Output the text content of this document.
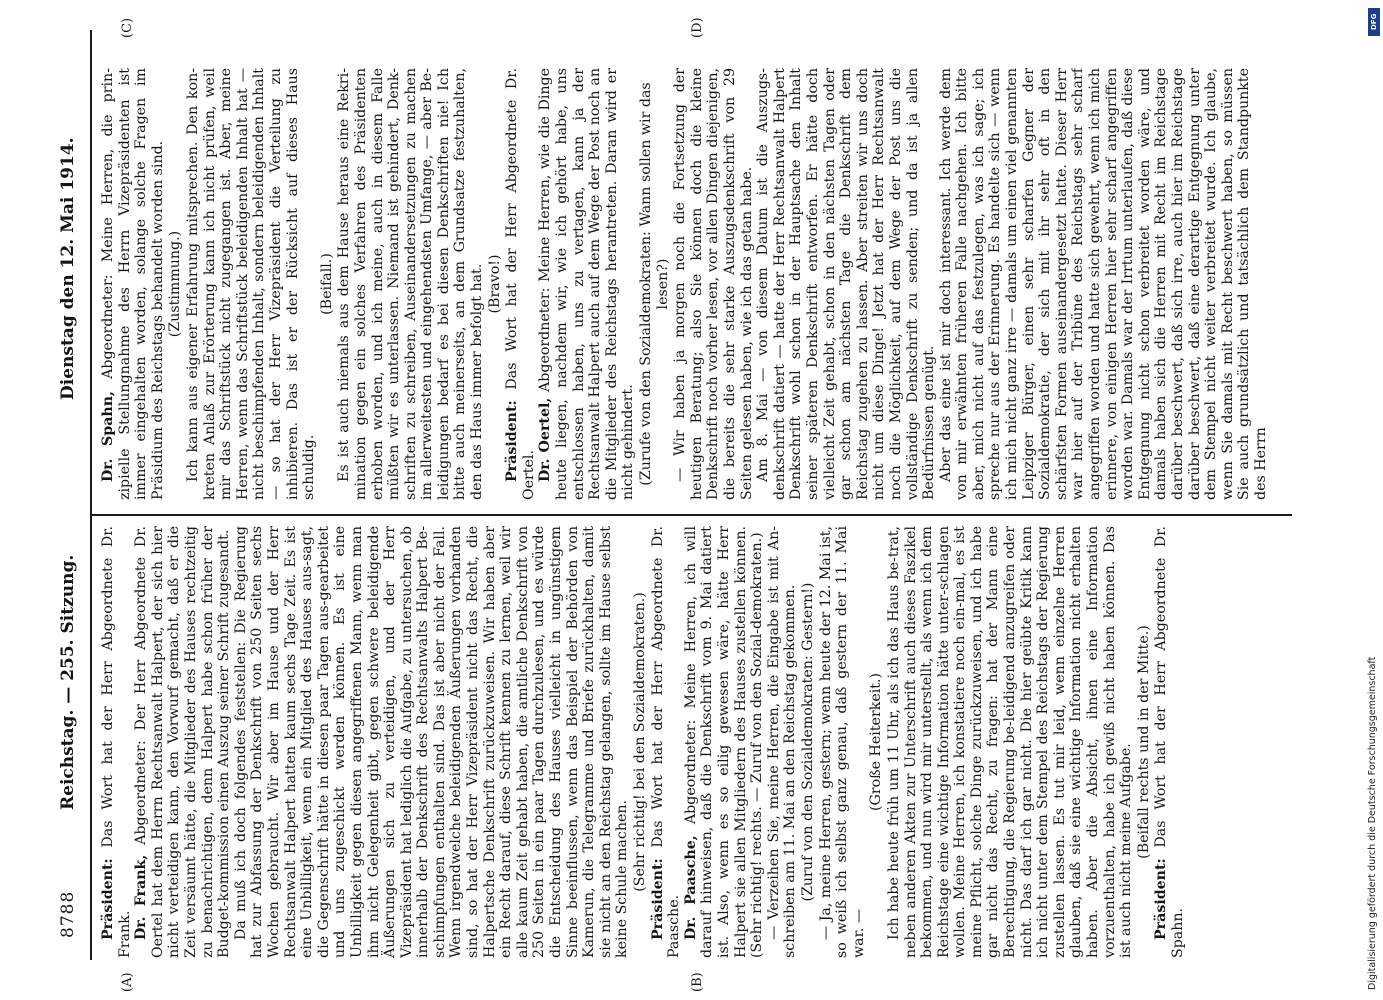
8788
Reichstag. — 255. Sitzung.
Dienstag den 12. Mai 1914.
(A)	(B)
(C)	(D)

Präsident: Das Wort hat der Herr Abgeordnete Dr. Frank. Dr. Frank, Abgeordneter: Der Herr Abgeordnete Dr. Oertel hat dem Herrn Rechtsanwalt Halpert, der sich hier nicht verteidigen kann, den Vorwurf gemacht, daß er die Zeit versäumt hätte, die Mitglieder des Hauses rechtzeitig zu benachrichtigen, denn Halpert habe schon früher der Budget-kommission einen Auszug seiner Schrift zugesandt. Da muß ich doch folgendes feststellen: Die Regierung hat zur Abfassung der Denkschrift von 250 Seiten sechs Wochen gebraucht. Wir aber im Hause und der Herr Rechtsanwalt Halpert hatten kaum sechs Tage Zeit. Es ist eine Unbilligkeit, wenn ein Mitglied des Hauses aus-sagt, die Gegenschrift hätte in diesen paar Tagen aus-gearbeitet und uns zugeschickt werden können. Es ist eine Unbilligkeit gegen diesen angegriffenen Mann, wenn man ihm nicht Gelegenheit gibt, gegen schwere beleidigende Äußerungen sich zu verteidigen, und der Herr Vizepräsident hat lediglich die Aufgabe, zu untersuchen, ob innerhalb der Denkschrift des Rechtsanwalts Halpert Be-schimpfungen enthalten sind. Das ist aber nicht der Fall. Wenn irgendwelche beleidigenden Äußerungen vorhanden sind, so hat der Herr Vizepräsident nicht das Recht, die Halpertsche Denkschrift zurückzuweisen. Wir haben aber ein Recht darauf, diese Schrift kennen zu lernen, weil wir alle kaum Zeit gehabt haben, die amtliche Denkschrift von 250 Seiten in ein paar Tagen durchzulesen, und es würde die Entscheidung des Hauses vielleicht in ungünstigem Sinne beeinflussen, wenn das Beispiel der Behörden von Kamerun, die Telegramme und Briefe zurückhalten, damit sie nicht an den Reichstag gelangen, sollte im Hause selbst keine Schule machen. (Sehr richtig! bei den Sozialdemokraten.)

Präsident: Das Wort hat der Herr Abgeordnete Dr. Paasche. Dr. Paasche, Abgeordneter: Meine Herren, ich will darauf hinweisen, daß die Denkschrift vom 9. Mai datiert ist. Also, wenn es so eilig gewesen wäre, hätte Herr Halpert sie allen Mitgliedern des Hauses zustellen können. (Sehr richtig! rechts. — Zuruf von den Sozial-demokraten.) — Verzeihen Sie, meine Herren, die Eingabe ist mit An-schreiben am 11. Mai an den Reichstag gekommen. (Zuruf von den Sozialdemokraten: Gestern!) — Ja, meine Herren, gestern; wenn heute der 12. Mai ist, so weiß ich selbst ganz genau, daß gestern der 11. Mai war. —

(Große Heiterkeit.) Ich habe heute früh um 11 Uhr, als ich das Haus be-trat, neben anderen Akten zur Unterschrift auch dieses Faszikel bekommen, und nun wird mir unterstellt, als wenn ich dem Reichstage eine wichtige Information hätte unter-schlagen wollen. Meine Herren, ich konstatiere noch ein-mal, es ist meine Pflicht, solche Dinge zurückzuweisen, und ich habe gar nicht das Recht, zu fragen: hat der Mann eine Berechtigung, die Regierung be-leidigend anzugreifen oder nicht. Das darf ich gar nicht. Die hier geübte Kritik kann ich nicht unter dem Stempel des Reichstags der Regierung zustellen lassen. Es tut mir leid, wenn einzelne Herren glauben, daß sie eine wichtige Information nicht erhalten haben. Aber die Absicht, ihnen eine Information vorzuenthalten, habe ich gewiß nicht haben können. Das ist auch nicht meine Aufgabe. (Beifall rechts und in der Mitte.)

Präsident: Das Wort hat der Herr Abgeordnete Dr. Spahn.

Dr. Spahn, Abgeordneter: Meine Herren, die prin-zipielle Stellungnahme des Herrn Vizepräsidenten ist immer eingehalten worden, solange solche Fragen im Präsidium des Reichstags behandelt worden sind. (Zustimmung.) Ich kann aus eigener Erfahrung mitsprechen. Den kon-kreten Anlaß zur Erörterung kann ich nicht prüfen, weil mir das Schriftstück nicht zugegangen ist. Aber, meine Herren, wenn das Schriftstück beleidigenden Inhalt hat — nicht beschimpfenden Inhalt, sondern beleidigenden Inhalt — so hat der Herr Vizepräsident die Verteilung zu inhibieren. Das ist er der Rücksicht auf dieses Haus schuldig.

(Beifall.) Es ist auch niemals aus dem Hause heraus eine Rekri-mination gegen ein solches Verfahren des Präsidenten erhoben worden, und ich meine, auch in diesem Falle müßten wir es unterlassen. Niemand ist gehindert, Denk-schriften zu schreiben, Auseinandersetzungen zu machen im allerweitesten und eingehendsten Umfange, — aber Be-leidigungen bedarf es bei diesen Denkschriften nie! Ich bitte auch meinerseits, an dem Grundsatze festzuhalten, den das Haus immer befolgt hat. (Bravo!)

Präsident: Das Wort hat der Herr Abgeordnete Dr. Oertel. Dr. Oertel, Abgeordneter: Meine Herren, wie die Dinge heute liegen, nachdem wir, wie ich gehört habe, uns entschlossen haben, uns zu vertagen, kann ja der Rechtsanwalt Halpert auch auf dem Wege der Post noch an die Mitglieder des Reichstags herantreten. Daran wird er nicht gehindert. (Zurufe von den Sozialdemokraten: Wann sollen wir das lesen?) — Wir haben ja morgen noch die Fortsetzung der heutigen Beratung; also Sie können doch die kleine Denkschrift noch vorher lesen, vor allen Dingen diejenigen, die bereits die sehr starke Auszugsdenkschrift von 29 Seiten gelesen haben, wie ich das getan habe. Am 8. Mai — von diesem Datum ist die Auszugs-denkschrift datiert — hatte der Herr Rechtsanwalt Halpert Denkschrift wohl schon in der Hauptsache den Inhalt seiner späteren Denkschrift entworfen. Er hätte doch vielleicht Zeit gehabt, schon in den nächsten Tagen oder gar schon am nächsten Tage die Denkschrift dem Reichstag zugehen zu lassen. Aber streiten wir uns doch nicht um diese Dinge! Jetzt hat der Herr Rechtsanwalt noch die Möglichkeit, auf dem Wege der Post uns die vollständige Denkschrift zu senden; und da ist ja allen Bedürfnissen genügt. Aber das eine ist mir doch interessant. Ich werde dem von mir erwähnten früheren Falle nachgehen. Ich bitte aber, mich nicht auf das festzulegen, was ich sage; ich spreche nur aus der Erinnerung. Es handelte sich — wenn ich mich nicht ganz irre — damals um einen viel genannten Leipziger Bürger, einen sehr scharfen Gegner der Sozialdemokratie, der sich mit ihr sehr oft in den schärfsten Formen auseinandergesetzt hatte. Dieser Herr war hier auf der Tribüne des Reichstags sehr scharf angegriffen worden und hatte sich gewehrt, wenn ich mich erinnere, von einigen Herren hier sehr scharf angegriffen worden war. Damals war der Irrtum unterlaufen, daß diese Entgegnung nicht schon verbreitet worden wäre, und damals haben sich die Herren mit Recht im Reichstage darüber beschwert, daß sich irre, auch hier im Reichstage darüber beschwert, daß eine derartige Entgegnung unter dem Stempel nicht weiter verbreitet wurde. Ich glaube, wenn Sie damals mit Recht beschwert haben, so müssen Sie auch grundsätzlich und tatsächlich dem Standpunkte des Herrn

DFG
Digitalisierung gefördert durch die Deutsche Forschungsgemeinschaft
